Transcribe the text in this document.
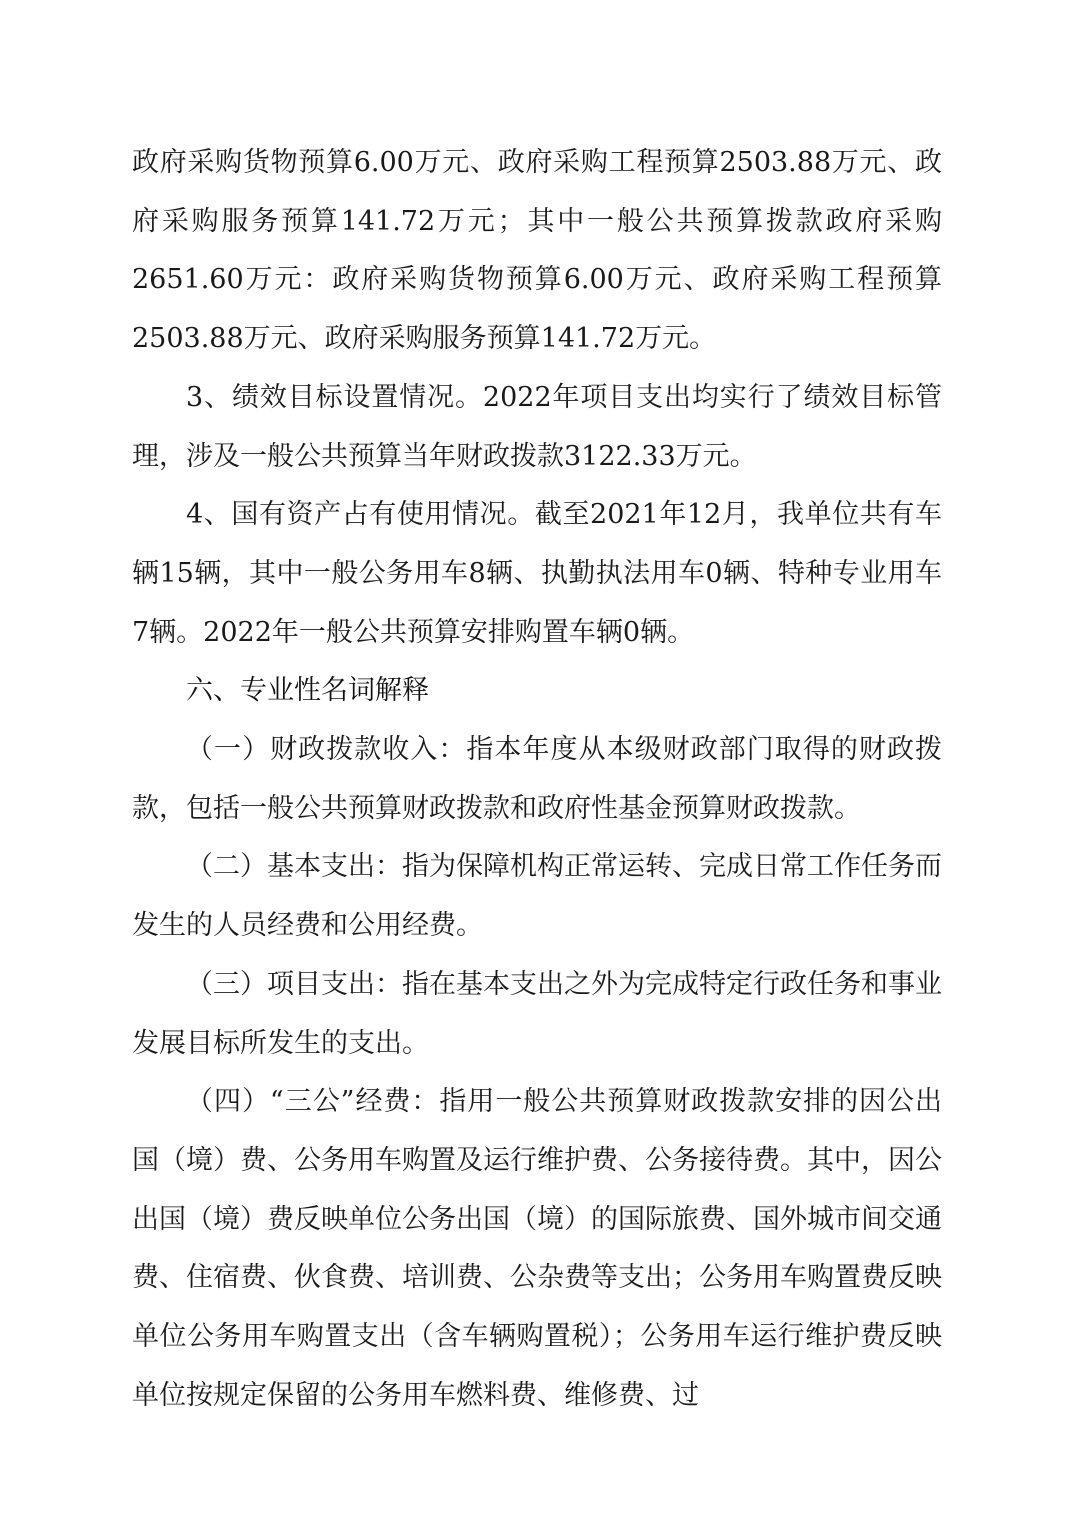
政府采购货物预算6.00万元、政府采购工程预算2503.88万元、政府采购服务预算141.72万元；其中一般公共预算拨款政府采购2651.60万元：政府采购货物预算6.00万元、政府采购工程预算2503.88万元、政府采购服务预算141.72万元。

3、绩效目标设置情况。2022年项目支出均实行了绩效目标管理，涉及一般公共预算当年财政拨款3122.33万元。

4、国有资产占有使用情况。截至2021年12月，我单位共有车辆15辆，其中一般公务用车8辆、执勤执法用车0辆、特种专业用车7辆。2022年一般公共预算安排购置车辆0辆。

六、专业性名词解释

（一）财政拨款收入：指本年度从本级财政部门取得的财政拨款，包括一般公共预算财政拨款和政府性基金预算财政拨款。

（二）基本支出：指为保障机构正常运转、完成日常工作任务而发生的人员经费和公用经费。

（三）项目支出：指在基本支出之外为完成特定行政任务和事业发展目标所发生的支出。

（四）“三公”经费：指用一般公共预算财政拨款安排的因公出国（境）费、公务用车购置及运行维护费、公务接待费。其中，因公出国（境）费反映单位公务出国（境）的国际旅费、国外城市间交通费、住宿费、伙食费、培训费、公杂费等支出；公务用车购置费反映单位公务用车购置支出（含车辆购置税）；公务用车运行维护费反映单位按规定保留的公务用车燃料费、维修费、过
